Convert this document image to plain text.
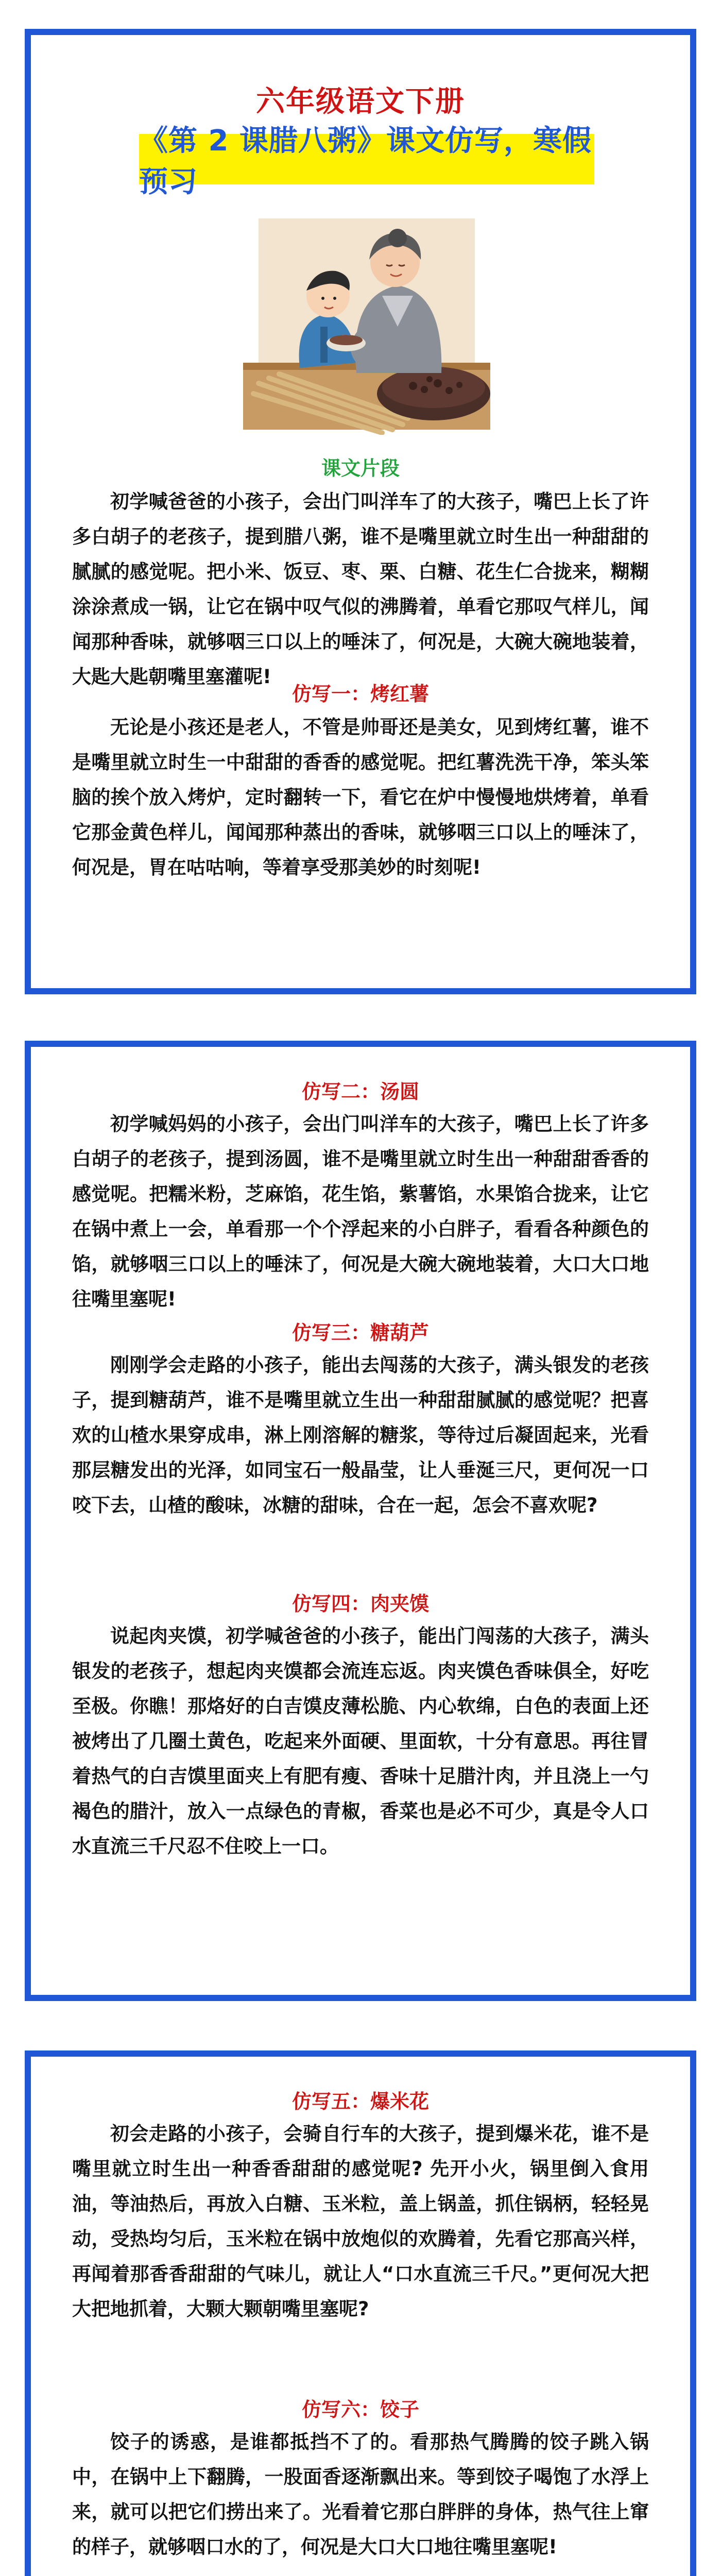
六年级语文下册
《第 2 课腊八粥》课文仿写，寒假预习
课文片段

初学喊爸爸的小孩子，会出门叫洋车了的大孩子，嘴巴上长了许多白胡子的老孩子，提到腊八粥，谁不是嘴里就立时生出一种甜甜的腻腻的感觉呢。把小米、饭豆、枣、栗、白糖、花生仁合拢来，糊糊涂涂煮成一锅，让它在锅中叹气似的沸腾着，单看它那叹气样儿，闻闻那种香味，就够咽三口以上的唾沫了，何况是，大碗大碗地装着，大匙大匙朝嘴里塞灌呢!

仿写一：烤红薯

无论是小孩还是老人，不管是帅哥还是美女，见到烤红薯，谁不是嘴里就立时生一中甜甜的香香的感觉呢。把红薯洗洗干净，笨头笨脑的挨个放入烤炉，定时翻转一下，看它在炉中慢慢地烘烤着，单看它那金黄色样儿，闻闻那种蒸出的香味，就够咽三口以上的唾沫了，何况是，胃在咕咕响，等着享受那美妙的时刻呢!

仿写二：汤圆

初学喊妈妈的小孩子，会出门叫洋车的大孩子，嘴巴上长了许多白胡子的老孩子，提到汤圆，谁不是嘴里就立时生出一种甜甜香香的感觉呢。把糯米粉，芝麻馅，花生馅，紫薯馅，水果馅合拢来，让它在锅中煮上一会，单看那一个个浮起来的小白胖子，看看各种颜色的馅，就够咽三口以上的唾沫了，何况是大碗大碗地装着，大口大口地往嘴里塞呢!

仿写三：糖葫芦

刚刚学会走路的小孩子，能出去闯荡的大孩子，满头银发的老孩子，提到糖葫芦，谁不是嘴里就立生出一种甜甜腻腻的感觉呢？把喜欢的山楂水果穿成串，淋上刚溶解的糖浆，等待过后凝固起来，光看那层糖发出的光泽，如同宝石一般晶莹，让人垂涎三尺，更何况一口咬下去，山楂的酸味，冰糖的甜味，合在一起，怎会不喜欢呢?

仿写四：肉夹馍

说起肉夹馍，初学喊爸爸的小孩子，能出门闯荡的大孩子，满头银发的老孩子，想起肉夹馍都会流连忘返。肉夹馍色香味俱全，好吃至极。你瞧！那烙好的白吉馍皮薄松脆、内心软绵，白色的表面上还被烤出了几圈土黄色，吃起来外面硬、里面软，十分有意思。再往冒着热气的白吉馍里面夹上有肥有瘦、香味十足腊汁肉，并且浇上一勺褐色的腊汁，放入一点绿色的青椒，香菜也是必不可少，真是令人口水直流三千尺忍不住咬上一口。

仿写五：爆米花

初会走路的小孩子，会骑自行车的大孩子，提到爆米花，谁不是嘴里就立时生出一种香香甜甜的感觉呢? 先开小火，锅里倒入食用油，等油热后，再放入白糖、玉米粒，盖上锅盖，抓住锅柄，轻轻晃动，受热均匀后，玉米粒在锅中放炮似的欢腾着，先看它那高兴样，再闻着那香香甜甜的气味儿，就让人“口水直流三千尺。”更何况大把大把地抓着，大颗大颗朝嘴里塞呢?

仿写六：饺子

饺子的诱惑，是谁都抵挡不了的。看那热气腾腾的饺子跳入锅中，在锅中上下翻腾，一股面香逐渐飘出来。等到饺子喝饱了水浮上来，就可以把它们捞出来了。光看着它那白胖胖的身体，热气往上窜的样子，就够咽口水的了，何况是大口大口地往嘴里塞呢!
